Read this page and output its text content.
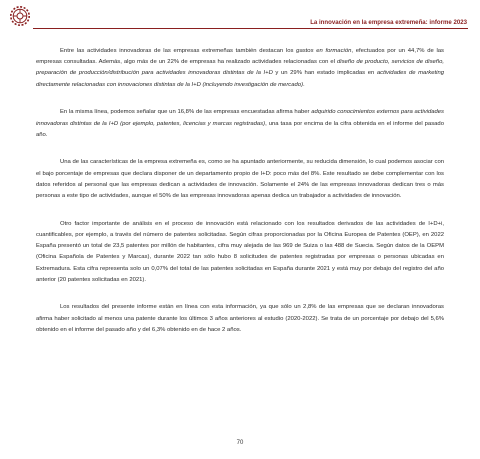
La innovación en la empresa extremeña: informe 2023

Entre las actividades innovadoras de las empresas extremeñas también destacan los gastos en formación, efectuados por un 44,7% de las empresas consultadas. Además, algo más de un 22% de empresas ha realizado actividades relacionadas con el diseño de producto, servicios de diseño, preparación de producción/distribución para actividades innovadoras distintas de la I+D y un 29% han estado implicadas en actividades de marketing directamente relacionadas con innovaciones distintas de la I+D (incluyendo investigación de mercado).

En la misma línea, podemos señalar que un 16,8% de las empresas encuestadas afirma haber adquirido conocimientos externos para actividades innovadoras distintas de la I+D (por ejemplo, patentes, licencias y marcas registradas), una tasa por encima de la cifra obtenida en el informe del pasado año.

Una de las características de la empresa extremeña es, como se ha apuntado anteriormente, su reducida dimensión, lo cual podemos asociar con el bajo porcentaje de empresas que declara disponer de un departamento propio de I+D: poco más del 8%. Este resultado se debe complementar con los datos referidos al personal que las empresas dedican a actividades de innovación. Solamente el 24% de las empresas innovadoras dedican tres o más personas a este tipo de actividades, aunque el 50% de las empresas innovadoras apenas dedica un trabajador a actividades de innovación.

Otro factor importante de análisis en el proceso de innovación está relacionado con los resultados derivados de las actividades de I+D+i, cuantificables, por ejemplo, a través del número de patentes solicitadas. Según cifras proporcionadas por la Oficina Europea de Patentes (OEP), en 2022 España presentó un total de 23,5 patentes por millón de habitantes, cifra muy alejada de las 969 de Suiza o las 488 de Suecia. Según datos de la OEPM (Oficina Española de Patentes y Marcas), durante 2022 tan sólo hubo 8 solicitudes de patentes registradas por empresas o personas ubicadas en Extremadura. Esta cifra representa solo un 0,07% del total de las patentes solicitadas en España durante 2021 y está muy por debajo del registro del año anterior (20 patentes solicitadas en 2021).

Los resultados del presente informe están en línea con esta información, ya que sólo un 2,8% de las empresas que se declaran innovadoras afirma haber solicitado al menos una patente durante los últimos 3 años anteriores al estudio (2020-2022). Se trata de un porcentaje por debajo del 5,6% obtenido en el informe del pasado año y del 6,3% obtenido en de hace 2 años.

70
